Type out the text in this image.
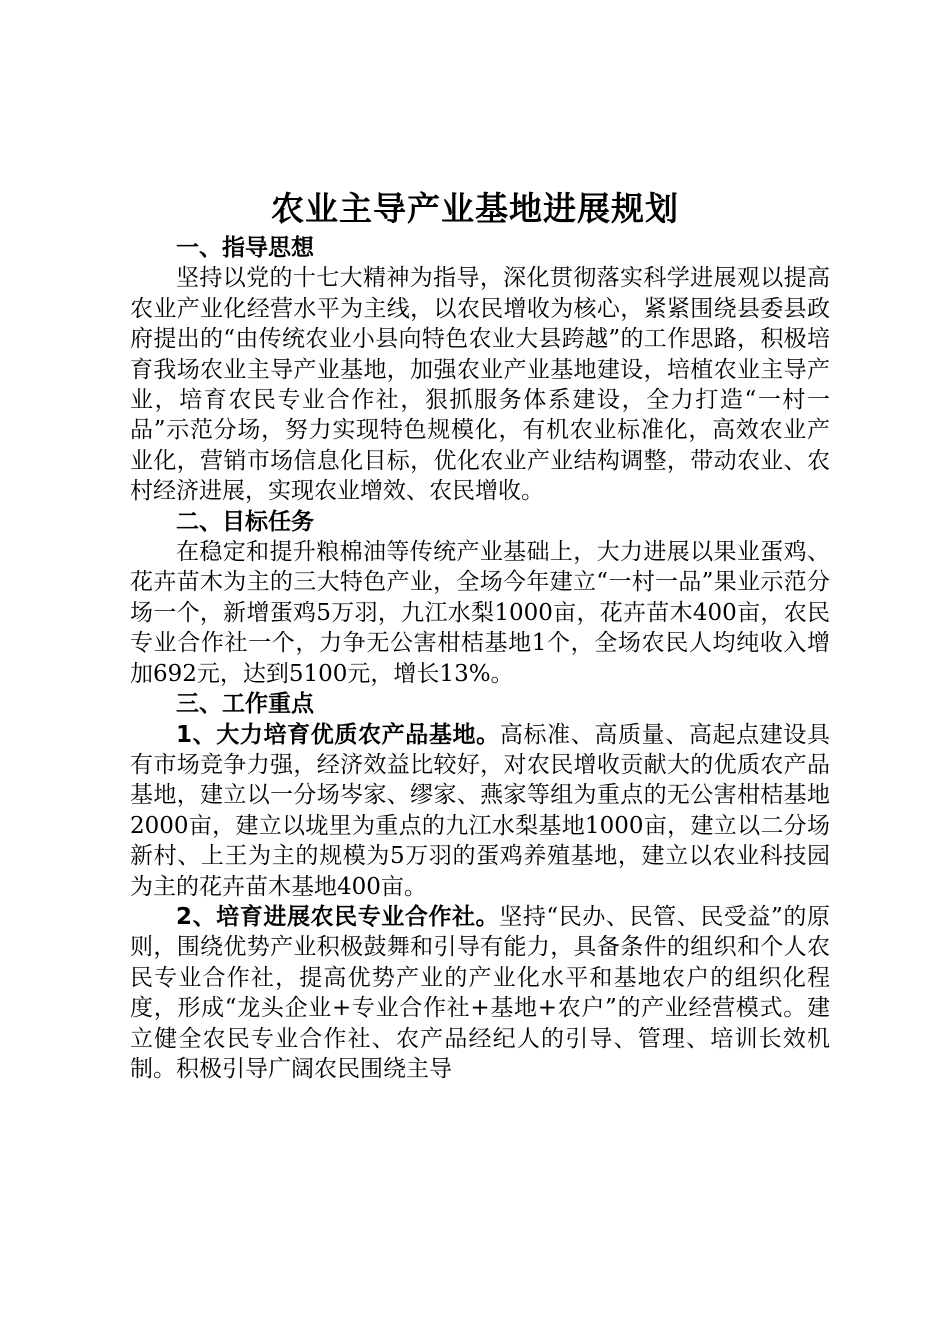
农业主导产业基地进展规划

一、指导思想

坚持以党的十七大精神为指导，深化贯彻落实科学进展观以提高农业产业化经营水平为主线，以农民增收为核心，紧紧围绕县委县政府提出的“由传统农业小县向特色农业大县跨越”的工作思路，积极培育我场农业主导产业基地，加强农业产业基地建设，培植农业主导产业，培育农民专业合作社，狠抓服务体系建设，全力打造“一村一品”示范分场，努力实现特色规模化，有机农业标准化，高效农业产业化，营销市场信息化目标，优化农业产业结构调整，带动农业、农村经济进展，实现农业增效、农民增收。

二、目标任务

在稳定和提升粮棉油等传统产业基础上，大力进展以果业蛋鸡、花卉苗木为主的三大特色产业，全场今年建立“一村一品”果业示范分场一个，新增蛋鸡5万羽，九江水梨1000亩，花卉苗木400亩，农民专业合作社一个，力争无公害柑桔基地1个，全场农民人均纯收入增加692元，达到5100元，增长13%。

三、工作重点

1、大力培育优质农产品基地。高标准、高质量、高起点建设具有市场竞争力强，经济效益比较好，对农民增收贡献大的优质农产品基地，建立以一分场岑家、缪家、燕家等组为重点的无公害柑桔基地2000亩，建立以垅里为重点的九江水梨基地1000亩，建立以二分场新村、上王为主的规模为5万羽的蛋鸡养殖基地，建立以农业科技园为主的花卉苗木基地400亩。

2、培育进展农民专业合作社。坚持“民办、民管、民受益”的原则，围绕优势产业积极鼓舞和引导有能力，具备条件的组织和个人农民专业合作社，提高优势产业的产业化水平和基地农户的组织化程度，形成“龙头企业+专业合作社+基地+农户”的产业经营模式。建立健全农民专业合作社、农产品经纪人的引导、管理、培训长效机制。积极引导广阔农民围绕主导
